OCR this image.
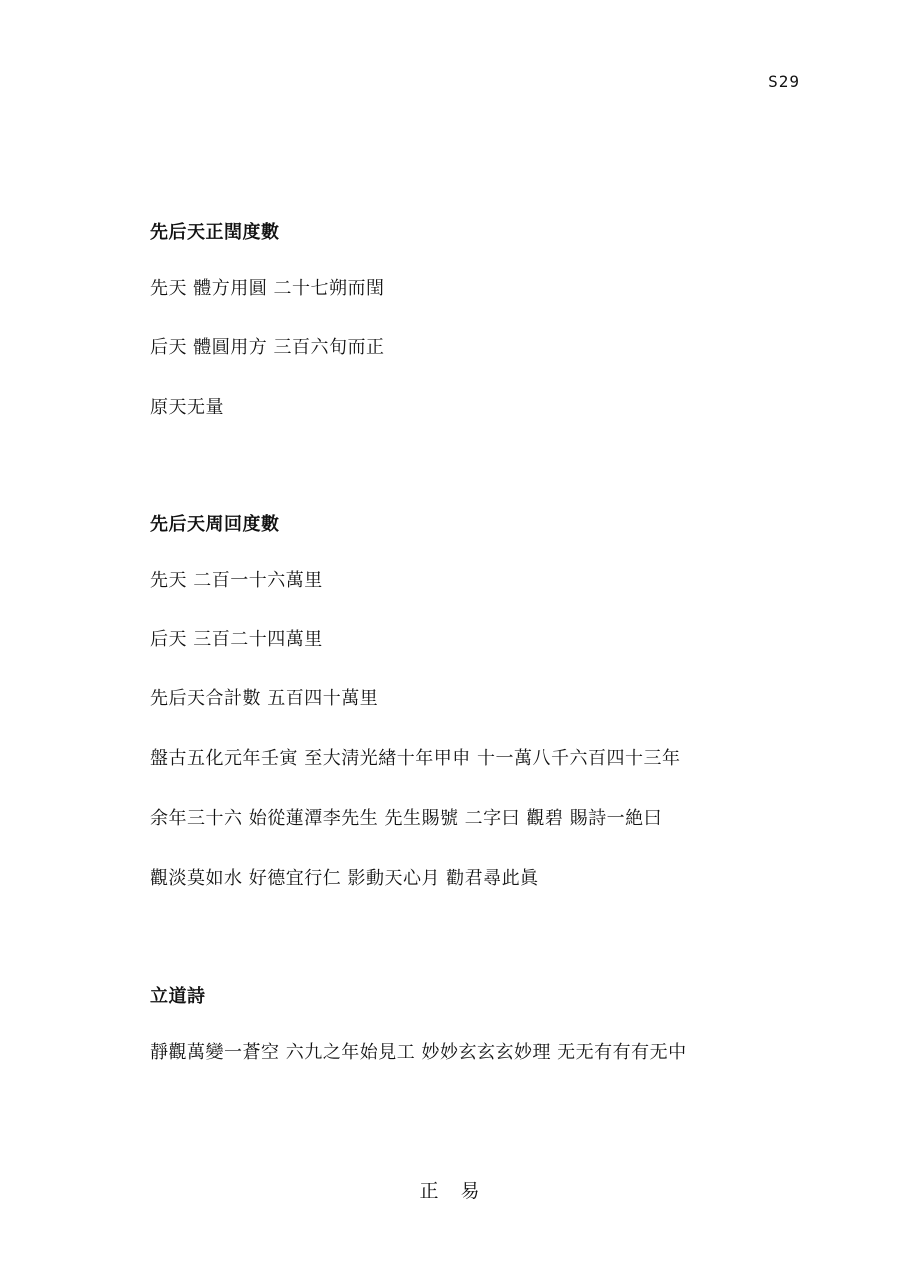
S29
先后天正閏度數
先天 體方用圓 二十七朔而閏
后天 體圓用方 三百六旬而正
原天无量
先后天周回度數
先天 二百一十六萬里
后天 三百二十四萬里
先后天合計數 五百四十萬里
盤古五化元年壬寅 至大淸光緖十年甲申 十一萬八千六百四十三年
余年三十六 始從蓮潭李先生 先生賜號 二字曰 觀碧 賜詩一絶曰
觀淡莫如水 好德宜行仁 影動天心月 勸君尋此眞
立道詩
靜觀萬變一蒼空 六九之年始見工 妙妙玄玄玄妙理 无无有有有无中
正   易
